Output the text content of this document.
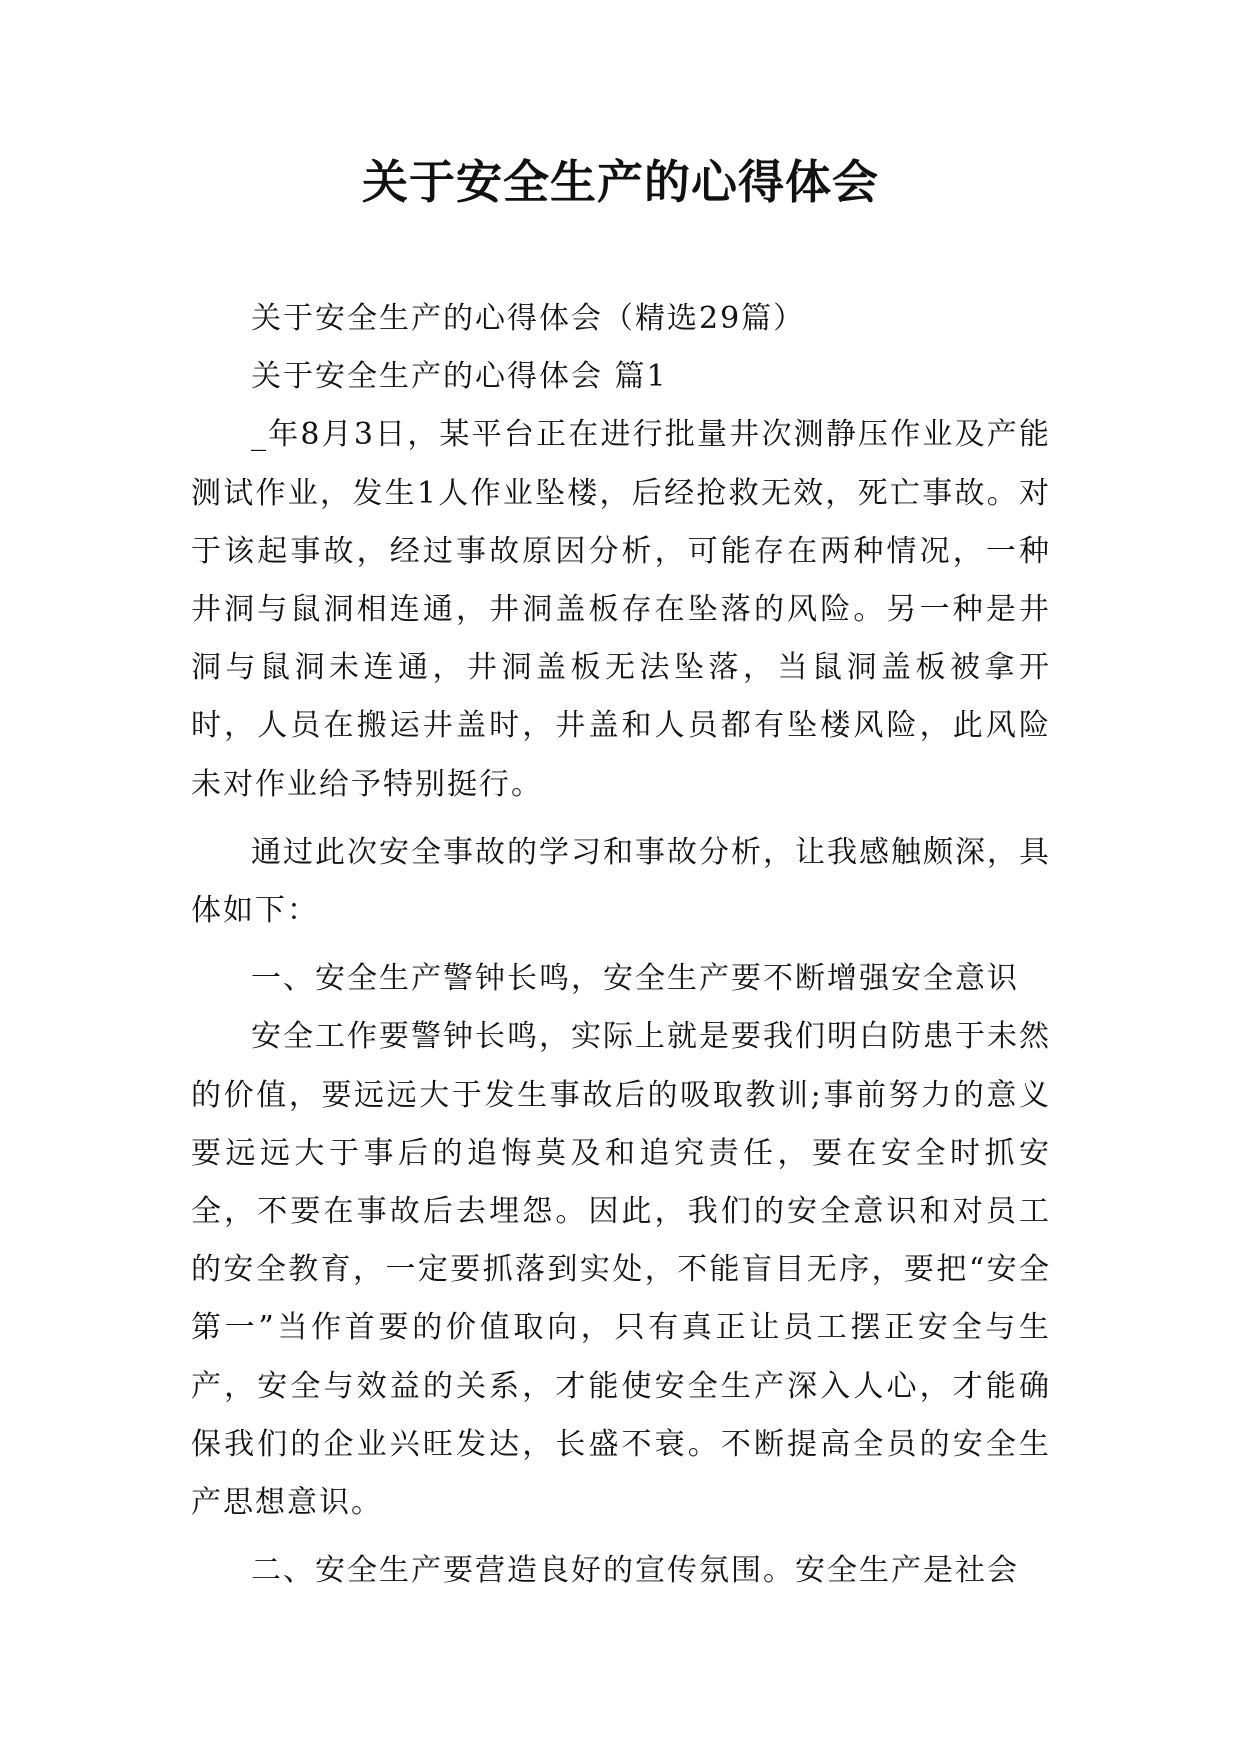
关于安全生产的心得体会

关于安全生产的心得体会（精选29篇）

关于安全生产的心得体会 篇1

_年8月3日，某平台正在进行批量井次测静压作业及产能测试作业，发生1人作业坠楼，后经抢救无效，死亡事故。对于该起事故，经过事故原因分析，可能存在两种情况，一种井洞与鼠洞相连通，井洞盖板存在坠落的风险。另一种是井洞与鼠洞未连通，井洞盖板无法坠落，当鼠洞盖板被拿开时，人员在搬运井盖时，井盖和人员都有坠楼风险，此风险未对作业给予特别挺行。

通过此次安全事故的学习和事故分析，让我感触颇深，具体如下：

一、安全生产警钟长鸣，安全生产要不断增强安全意识

安全工作要警钟长鸣，实际上就是要我们明白防患于未然的价值，要远远大于发生事故后的吸取教训;事前努力的意义要远远大于事后的追悔莫及和追究责任，要在安全时抓安全，不要在事故后去埋怨。因此，我们的安全意识和对员工的安全教育，一定要抓落到实处，不能盲目无序，要把“安全第一”当作首要的价值取向，只有真正让员工摆正安全与生产，安全与效益的关系，才能使安全生产深入人心，才能确保我们的企业兴旺发达，长盛不衰。不断提高全员的安全生产思想意识。

二、安全生产要营造良好的宣传氛围。安全生产是社会
